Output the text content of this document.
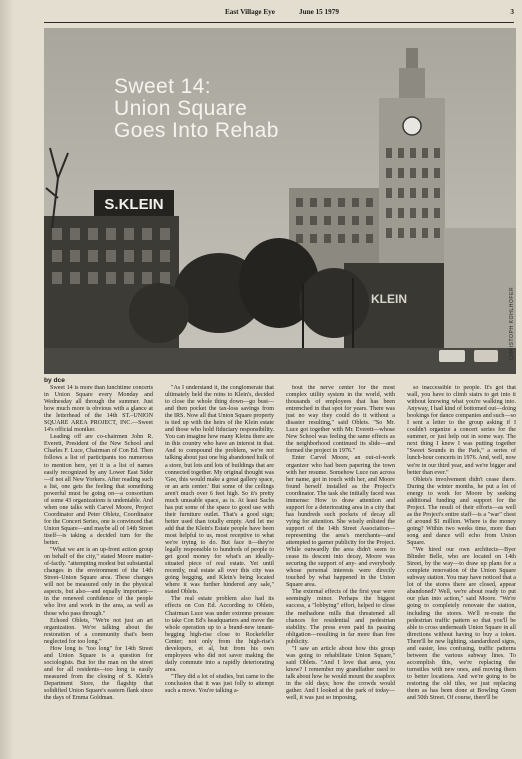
East Village Eye	June 15 1979	3
S.KLEIN
KLEIN
Sweet 14:
Union Square
Goes Into Rehab
CHRISTOPH KOHLHOFER
by dce

Sweet 14 is more than lunchtime concerts in Union Square every Monday and Wednesday all through the summer. Just how much more is obvious with a glance at the letterhead of the 14th ST.–UNION SQUARE AREA PROJECT, INC.—Sweet 14's official moniker.

Leading off are co-chairmen John R. Everett, President of the New School and Charles F. Luce, Chairman of Con Ed. Then follows a list of participants too numerous to mention here, yet it is a list of names easily recognized by any Lower East Sider—if not all New Yorkers. After reading such a list, one gets the feeling that something powerful must be going on—a consortium of some 43 organizations is undeniable. And when one talks with Carvel Moore, Project Coordinator and Peter Obletz, Coordinator for the Concert Series, one is convinced that Union Square—and maybe all of 14th Street itself—is taking a decided turn for the better.

"What we are is an up-front action group on behalf of the city," stated Moore matter-of-factly. "attempting modest but substantial changes in the environment of the 14th Street–Union Square area. These changes will not be measured only in the physical aspects, but also—and equally important—in the renewed confidence of the people who live and work in the area, as well as those who pass through."

Echoed Oblets, "We're not just an art organization. We're talking about the restoration of a community that's been neglected for too long."

How long is "too long" for 14th Street and Union Square is a question for sociologists. But for the man on the street and for all residents—too long is easily measured from the closing of S. Klein's Department Store, the flagship that solidified Union Square's eastern flank since the days of Emma Goldman.

"As I understand it, the conglomerate that ultimately held the reins to Klein's, decided to close the whole thing down—go bust—and then pocket the tax-loss savings from the IRS. Now all that Union Square property is tied up with the heirs of the Klein estate and those who hold fiduciary responsibility. You can imagine how many Kleins there are in this country who have an interest in that. And to compound the problem, we're not talking about just one big abandoned hulk of a store, but lots and lots of buildings that are connected together. My original thought was 'Gee, this would make a great gallery space, or an arts center.' But some of the ceilings aren't much over 6 feet high. So it's pretty much unusable space, as is. At least Sachs has put some of the space to good use with their furniture outlet. That's a good sign; better used than totally empty. And let me add that the Klein's Estate people have been most helpful to us, most receptive to what we're trying to do. But face it—they're legally responsible to hundreds of people to get good money for what's an ideally-situated piece of real estate. Yet until recently, real estate all over this city was going begging, and Klein's being located where it was further hindered any sale," stated Oblets.

The real estate problem also had its effects on Con Ed. According to Oblets, Chairman Luce was under extreme pressure to take Con Ed's headquarters and move the whole operation up to a brand-new tenant-begging high-rise close to Rockefeller Center; not only from the high-rise's developers, et al, but from his own employees who did not savor making the daily commute into a rapidly deteriorating area.

"They did a lot of studies, but came to the conclusion that it was just folly to attempt such a move. You're talking a-

bout the nerve center for the most complex utility system in the world, with thousands of employees that has been entrenched in that spot for years. There was just no way they could do it without a disaster resulting," said Oblets. "So Mr. Luce got together with Mr. Everett—whose New School was feeling the same effects as the neighborhood continued its slide—and formed the project in 1976."

Enter Carvel Moore, an out-of-work organizer who had been papering the town with her resume. Somehow Luce ran across her name, got in touch with her, and Moore found herself installed as the Project's coordinator. The task she initially faced was immense: How to draw attention and support for a deteriorating area in a city that has hundreds such pockets of decay all vying for attention. She wisely enlisted the support of the 14th Street Association—representing the area's merchants—and attempted to garner publicity for the Project. While outwardly the area didn't seem to cease its descent into decay, Moore was securing the support of any- and everybody whose personal interests were directly touched by what happened in the Union Square area.

The external effects of the first year were seemingly minor. Perhaps the biggest success, a "lobbying" effort, helped to close the methadone mills that threatened all chances for residential and pedestrian stability. The press even paid its passing obligation—resulting in far more than free publicity.

"I saw an article about how this group was going to rehabilitate Union Square," said Oblets. "And I love that area, you know? I remember my grandfather used to talk about how he would mount the soapbox in the old days; how the crowds would gather. And I looked at the park of today—well, it was just so imposing,

so inaccessible to people. It's got that wall, you have to climb stairs to get into it without knowing what you're walking into. Anyway, I had kind of bottomed out—doing bookings for dance companies and such—so I sent a letter to the group asking if I couldn't organize a concert series for the summer, or just help out in some way. The next thing I knew I was putting together "Sweet Sounds in the Park," a series of lunch-hour concerts in 1976. And, well, now we're in our third year, and we're bigger and better than ever."

Oblets's involvement didn't cease there. During the winter months, he put a lot of energy to work for Moore by seeking additional funding and support for the Project. The result of their efforts—as well as the Project's entire staff—is a "war" chest of around $1 million. Where is the money going? Within two weeks time, more than song and dance will echo from Union Square.

"We hired our own architects—Byer Blinder Belle, who are located on 14th Street, by the way—to draw up plans for a complete renovation of the Union Square subway station. You may have noticed that a lot of the stores there are closed, appear abandoned? Well, we're about ready to put our plan into action," said Moore. "We're going to completely renovate the station, including the stores. We'll re-route the pedestrian traffic pattern so that you'll be able to cross underneath Union Square in all directions without having to buy a token. There'll be new lighting, standardized signs, and easier, less confusing, traffic patterns between the various subway lines. To accomplish this, we're replacing the turnstiles with new ones, and moving them to better locations. And we're going to be restoring the old tiles, we just replacing them as has been done at Bowling Green and 50th Street. Of course, there'll be
